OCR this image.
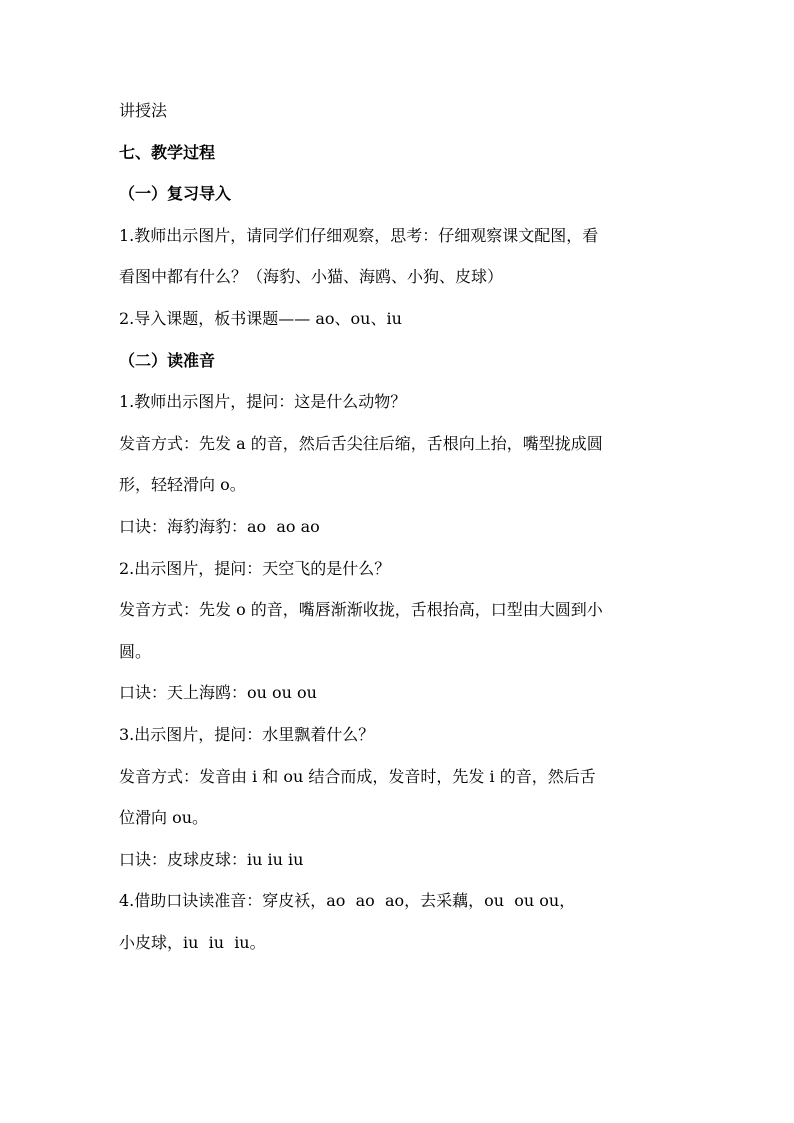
讲授法
七、教学过程
（一）复习导入
1.教师出示图片，请同学们仔细观察，思考：仔细观察课文配图，看
看图中都有什么？（海豹、小猫、海鸥、小狗、皮球）
2.导入课题，板书课题—— ao、ou、iu
（二）读准音
1.教师出示图片，提问：这是什么动物？
发音方式：先发 a 的音，然后舌尖往后缩，舌根向上抬，嘴型拢成圆
形，轻轻滑向 o。
口诀：海豹海豹：ao  ao ao
2.出示图片，提问：天空飞的是什么？
发音方式：先发 o 的音，嘴唇渐渐收拢，舌根抬高，口型由大圆到小
圆。
口诀：天上海鸥：ou ou ou
3.出示图片，提问：水里飘着什么？
发音方式：发音由 i 和 ou 结合而成，发音时，先发 i 的音，然后舌
位滑向 ou。
口诀：皮球皮球：iu iu iu
4.借助口诀读准音：穿皮袄，ao  ao  ao，去采藕，ou  ou ou，
小皮球，iu  iu  iu。
